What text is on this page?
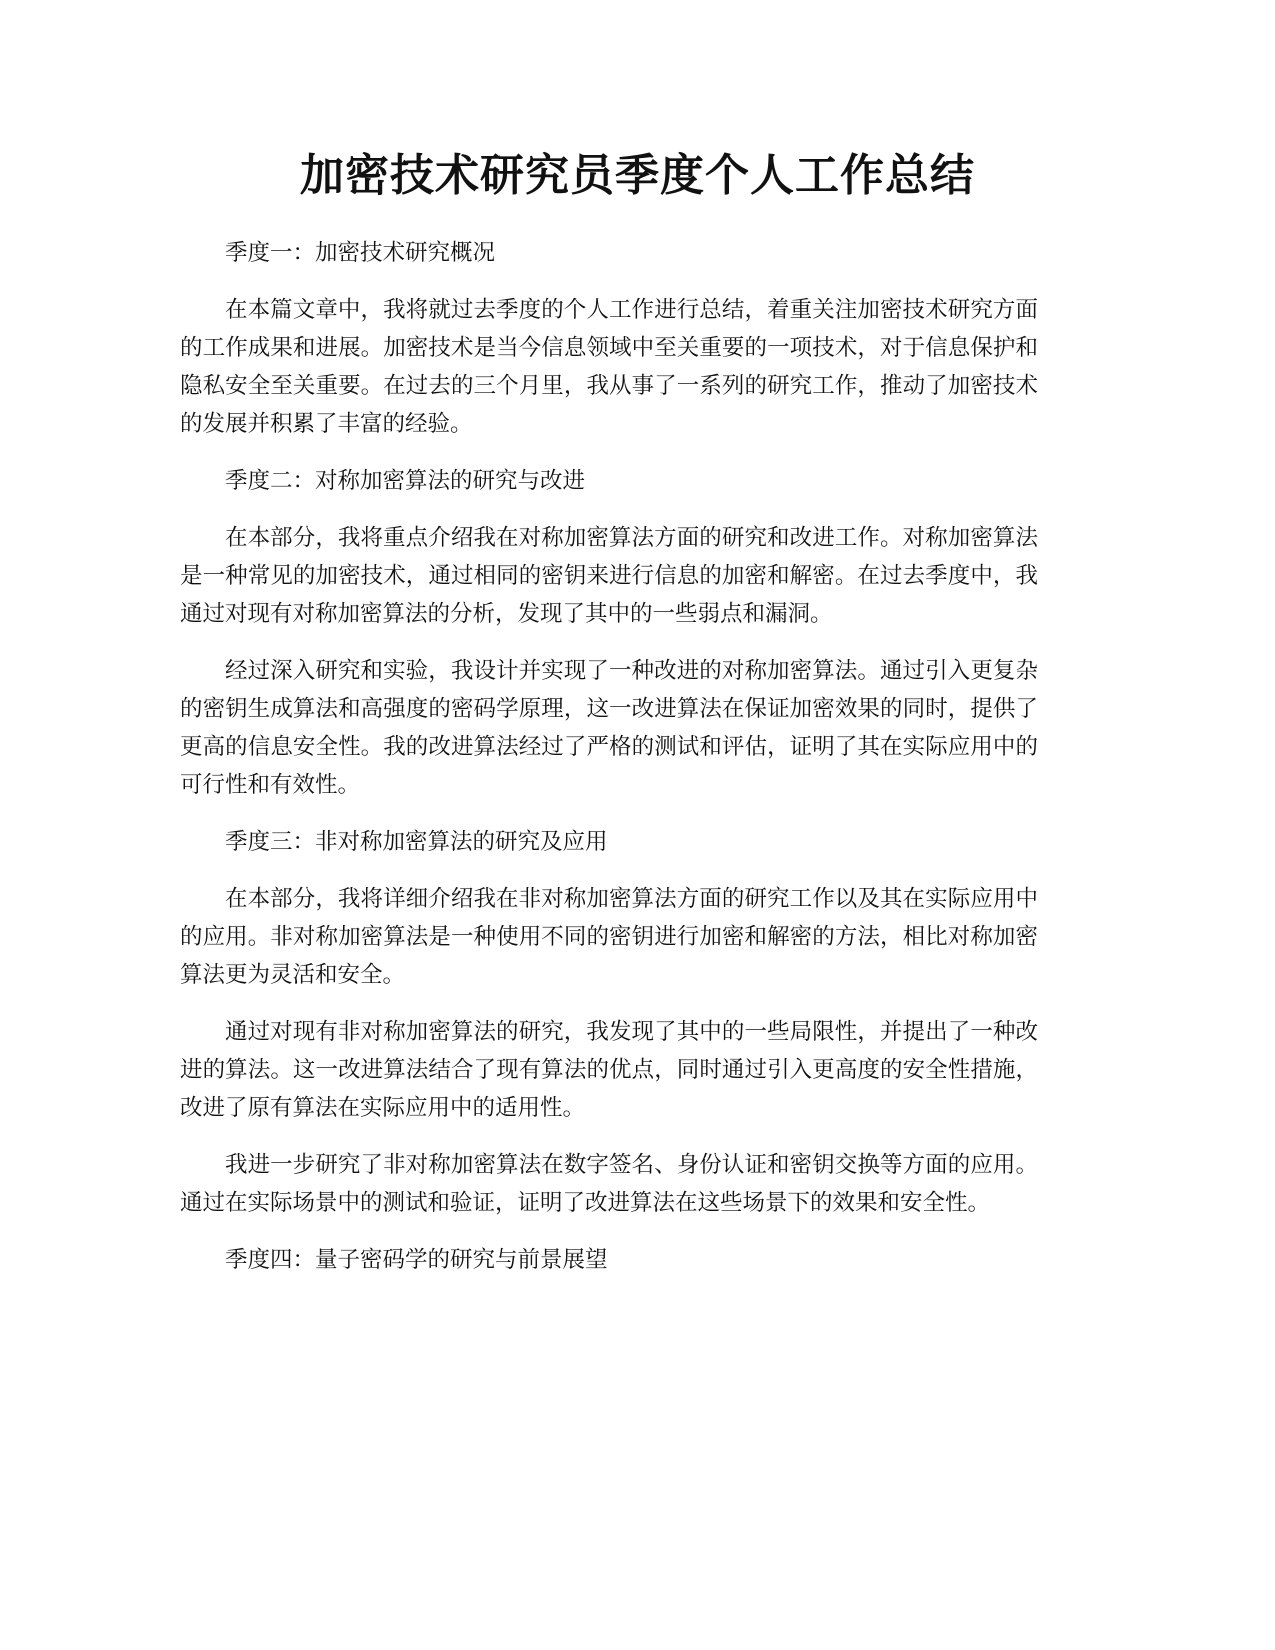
加密技术研究员季度个人工作总结

季度一：加密技术研究概况

在本篇文章中，我将就过去季度的个人工作进行总结，着重关注加密技术研究方面的工作成果和进展。加密技术是当今信息领域中至关重要的一项技术，对于信息保护和隐私安全至关重要。在过去的三个月里，我从事了一系列的研究工作，推动了加密技术的发展并积累了丰富的经验。

季度二：对称加密算法的研究与改进

在本部分，我将重点介绍我在对称加密算法方面的研究和改进工作。对称加密算法是一种常见的加密技术，通过相同的密钥来进行信息的加密和解密。在过去季度中，我通过对现有对称加密算法的分析，发现了其中的一些弱点和漏洞。

经过深入研究和实验，我设计并实现了一种改进的对称加密算法。通过引入更复杂的密钥生成算法和高强度的密码学原理，这一改进算法在保证加密效果的同时，提供了更高的信息安全性。我的改进算法经过了严格的测试和评估，证明了其在实际应用中的可行性和有效性。

季度三：非对称加密算法的研究及应用

在本部分，我将详细介绍我在非对称加密算法方面的研究工作以及其在实际应用中的应用。非对称加密算法是一种使用不同的密钥进行加密和解密的方法，相比对称加密算法更为灵活和安全。

通过对现有非对称加密算法的研究，我发现了其中的一些局限性，并提出了一种改进的算法。这一改进算法结合了现有算法的优点，同时通过引入更高度的安全性措施，改进了原有算法在实际应用中的适用性。

我进一步研究了非对称加密算法在数字签名、身份认证和密钥交换等方面的应用。通过在实际场景中的测试和验证，证明了改进算法在这些场景下的效果和安全性。

季度四：量子密码学的研究与前景展望
